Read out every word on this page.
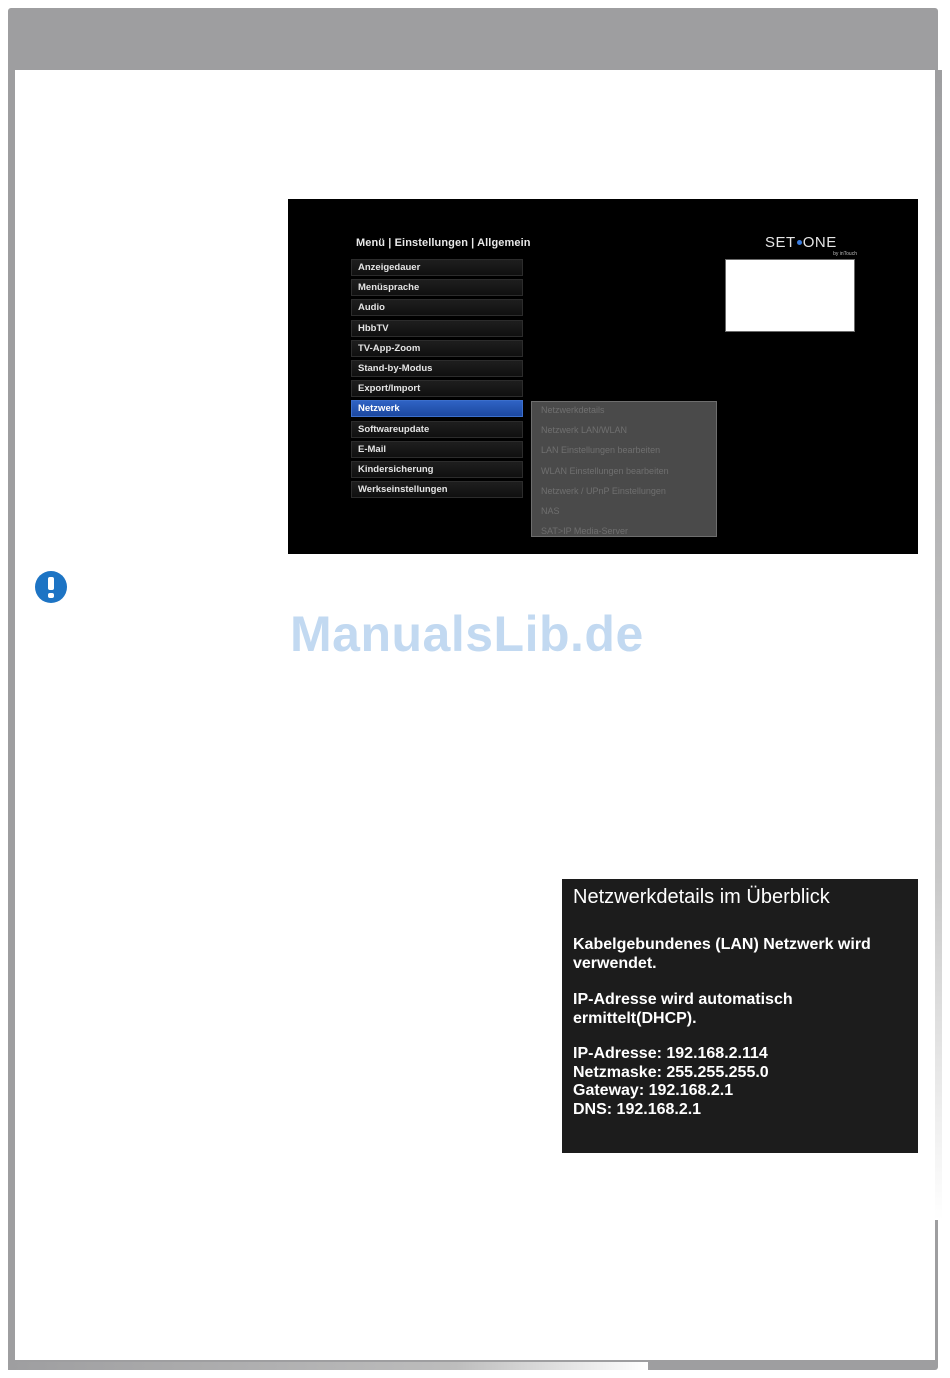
Menü | Einstellungen | Allgemein	SET ONE
by inTouch
Anzeigedauer
Menüsprache
Audio
HbbTV
TV-App-Zoom
Stand-by-Modus
Export/Import
Netzwerk
Softwareupdate
E-Mail
Kindersicherung
Werkseinstellungen
Netzwerkdetails
Netzwerk LAN/WLAN
LAN Einstellungen bearbeiten
WLAN Einstellungen bearbeiten
Netzwerk / UPnP Einstellungen
NAS
SAT>IP Media-Server
ManualsLib.de
Netzwerkdetails im Überblick
Kabelgebundenes (LAN) Netzwerk wird verwendet.
IP-Adresse wird automatisch ermittelt(DHCP).
IP-Adresse: 192.168.2.114
Netzmaske: 255.255.255.0
Gateway: 192.168.2.1
DNS: 192.168.2.1
